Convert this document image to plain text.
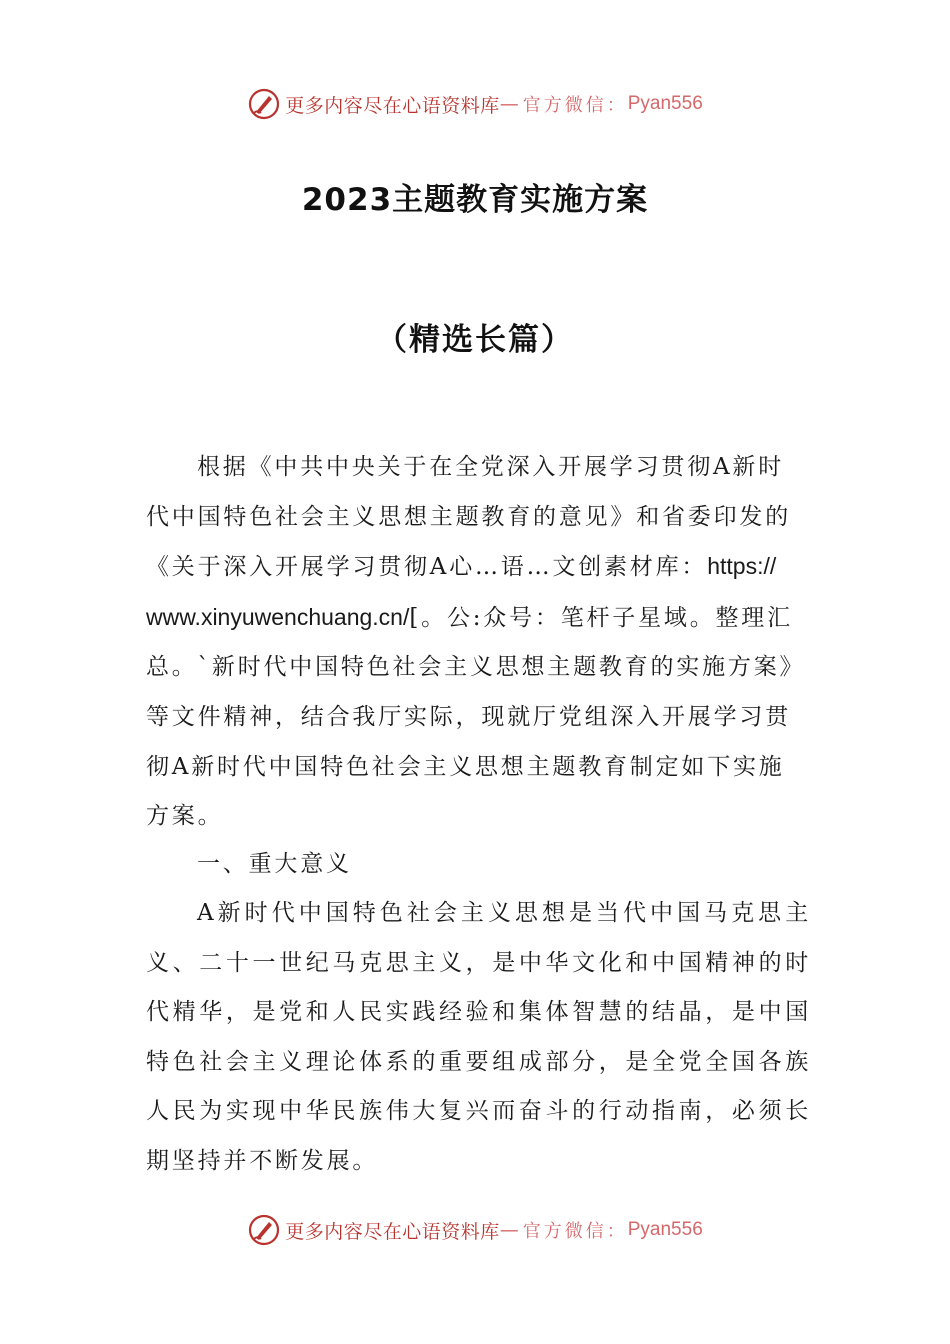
更多内容尽在心语资料库 — 官方微信： Pyan556
2023主题教育实施方案
（精选长篇）
根据《中共中央关于在全党深入开展学习贯彻A新时
代中国特色社会主义思想主题教育的意见》和省委印发的
《关于深入开展学习贯彻A心…语…文创素材库：https://
www.xinyuwenchuang.cn/[。公:众号：笔杆子星域。整理汇
总。`新时代中国特色社会主义思想主题教育的实施方案》
等文件精神，结合我厅实际，现就厅党组深入开展学习贯
彻A新时代中国特色社会主义思想主题教育制定如下实施
方案。
一、重大意义
A新时代中国特色社会主义思想是当代中国马克思主义、二十一世纪马克思主义，是中华文化和中国精神的时代精华，是党和人民实践经验和集体智慧的结晶，是中国特色社会主义理论体系的重要组成部分，是全党全国各族人民为实现中华民族伟大复兴而奋斗的行动指南，必须长期坚持并不断发展。
更多内容尽在心语资料库 — 官方微信： Pyan556
